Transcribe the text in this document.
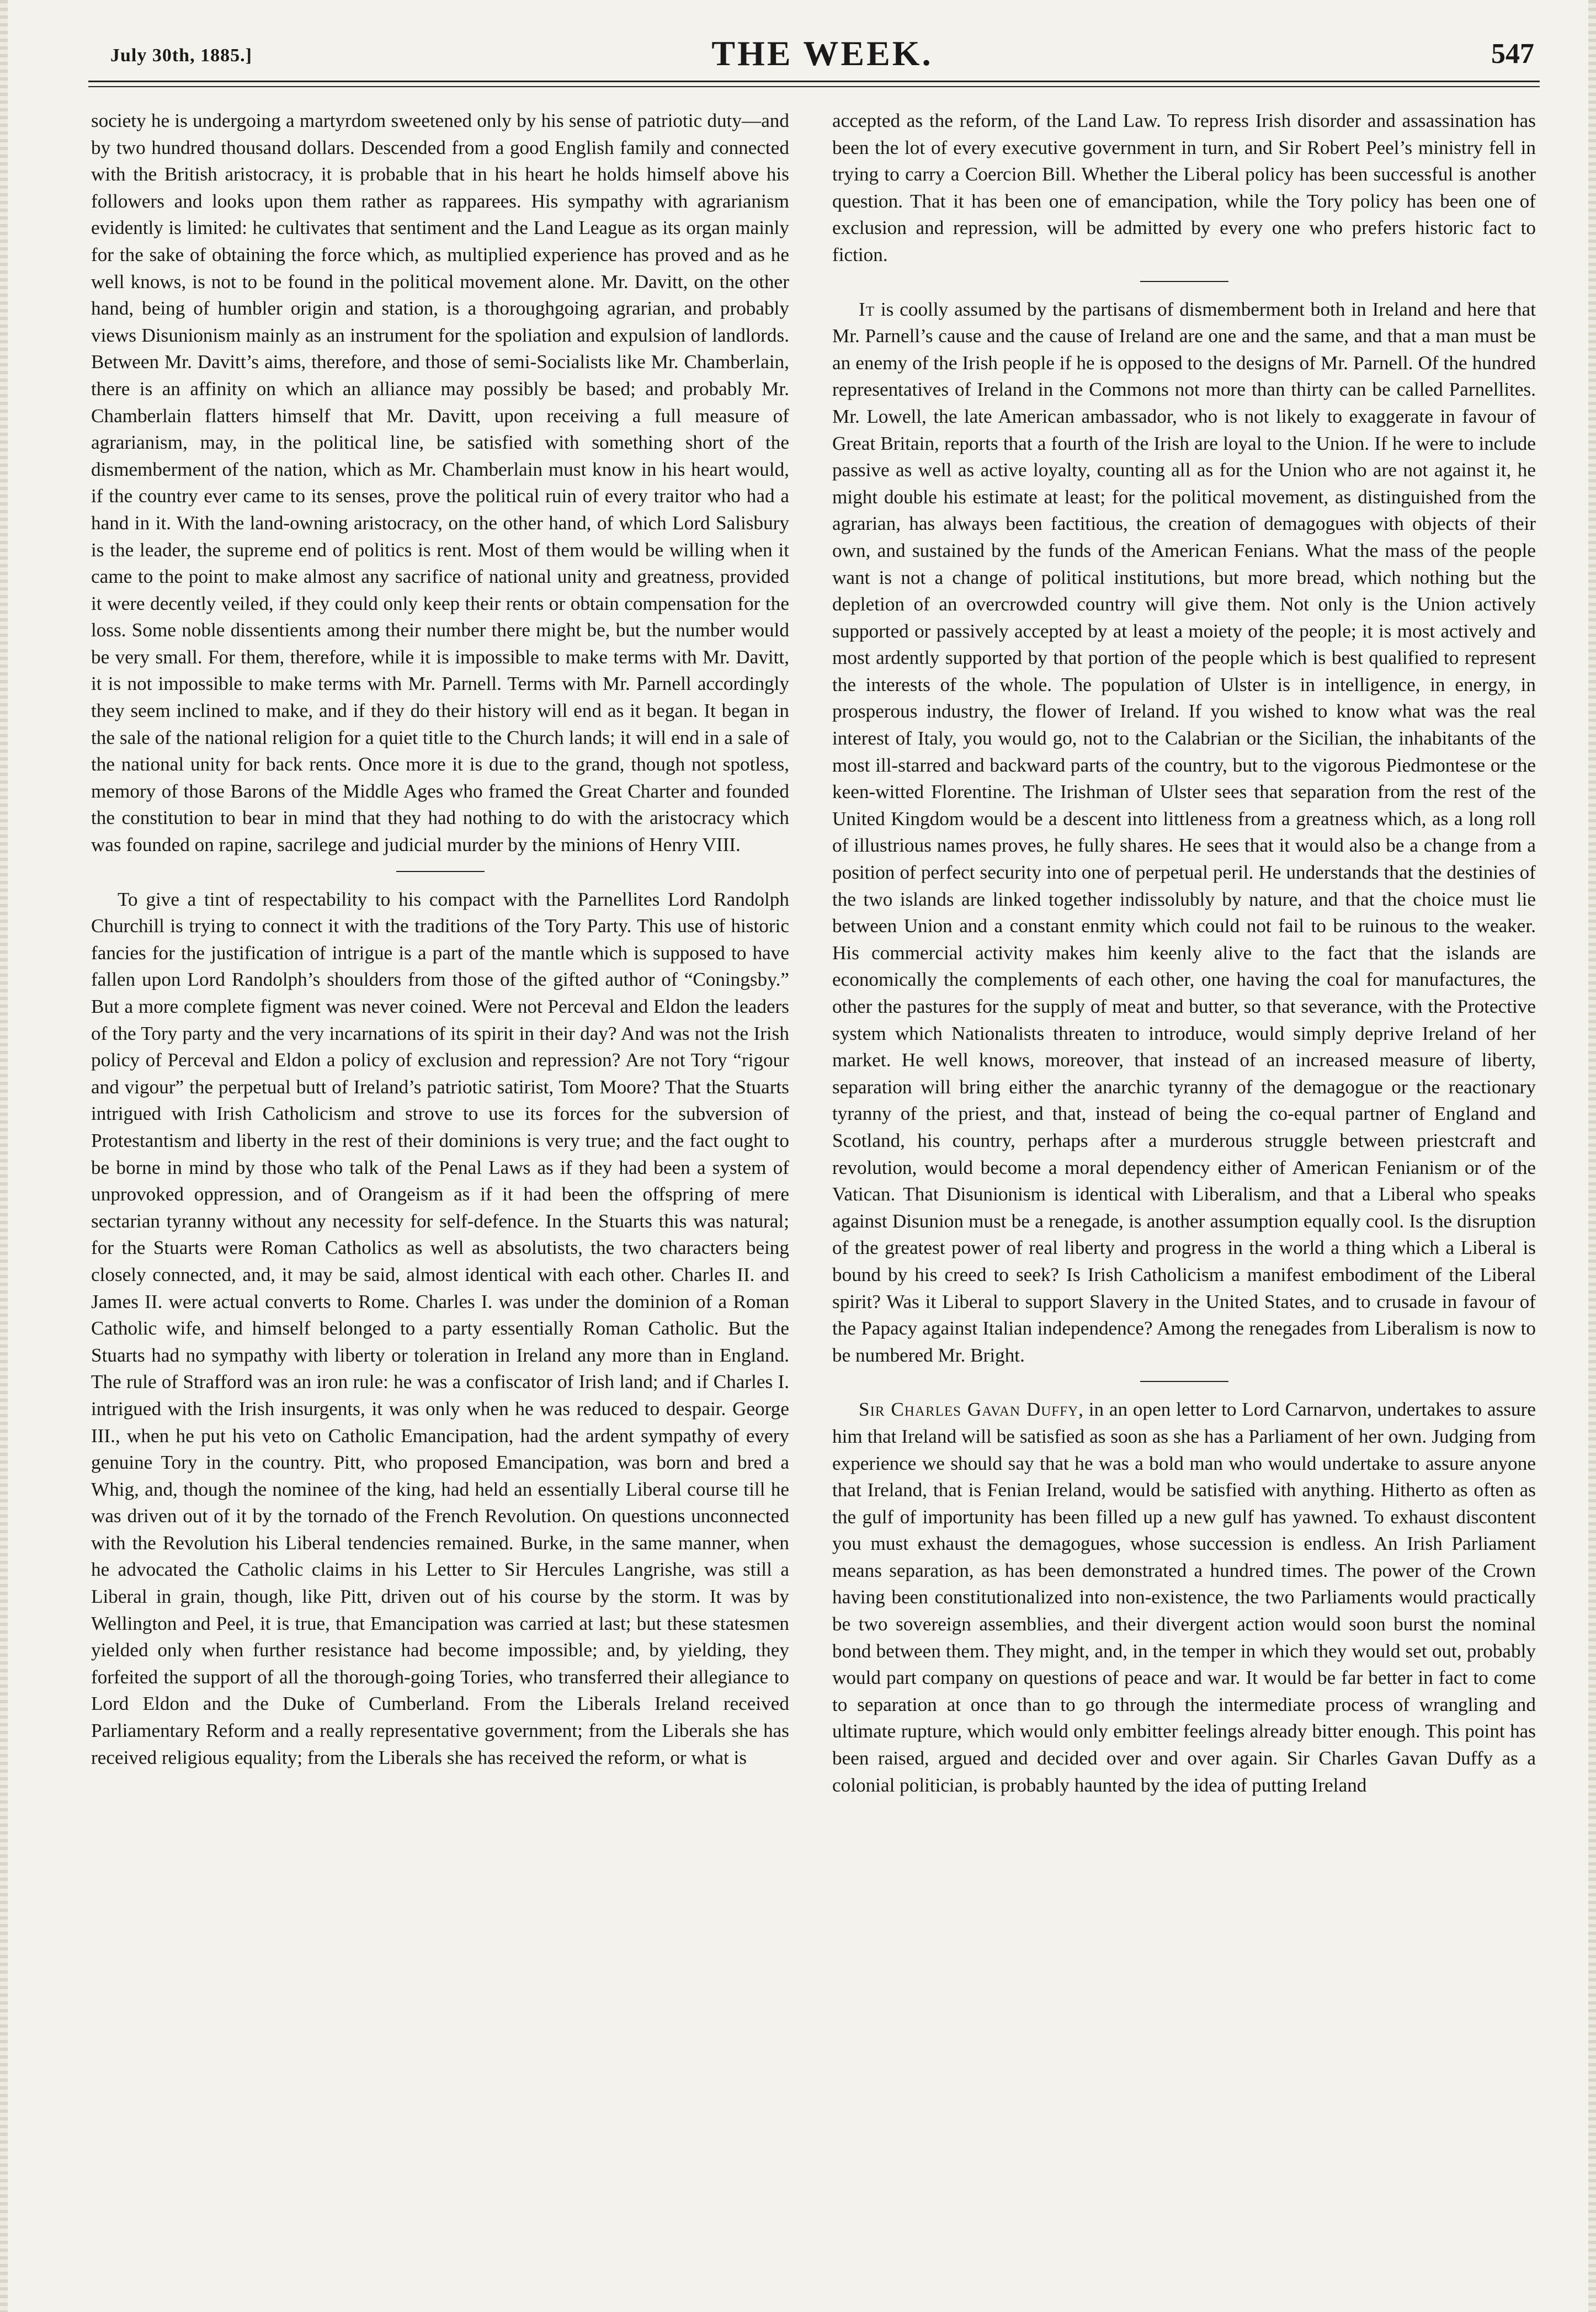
July 30th, 1885.]	THE WEEK.	547

society he is undergoing a martyrdom sweetened only by his sense of patriotic duty—and by two hundred thousand dollars. Descended from a good English family and connected with the British aristocracy, it is probable that in his heart he holds himself above his followers and looks upon them rather as rapparees. His sympathy with agrarianism evidently is limited: he cultivates that sentiment and the Land League as its organ mainly for the sake of obtaining the force which, as multiplied experience has proved and as he well knows, is not to be found in the political movement alone. Mr. Davitt, on the other hand, being of humbler origin and station, is a thoroughgoing agrarian, and probably views Disunionism mainly as an instrument for the spoliation and expulsion of landlords. Between Mr. Davitt’s aims, therefore, and those of semi-Socialists like Mr. Chamberlain, there is an affinity on which an alliance may possibly be based; and probably Mr. Chamberlain flatters himself that Mr. Davitt, upon receiving a full measure of agrarianism, may, in the political line, be satisfied with something short of the dismemberment of the nation, which as Mr. Chamberlain must know in his heart would, if the country ever came to its senses, prove the political ruin of every traitor who had a hand in it. With the land-owning aristocracy, on the other hand, of which Lord Salisbury is the leader, the supreme end of politics is rent. Most of them would be willing when it came to the point to make almost any sacrifice of national unity and greatness, provided it were decently veiled, if they could only keep their rents or obtain compensation for the loss. Some noble dissentients among their number there might be, but the number would be very small. For them, therefore, while it is impossible to make terms with Mr. Davitt, it is not impossible to make terms with Mr. Parnell. Terms with Mr. Parnell accordingly they seem inclined to make, and if they do their history will end as it began. It began in the sale of the national religion for a quiet title to the Church lands; it will end in a sale of the national unity for back rents. Once more it is due to the grand, though not spotless, memory of those Barons of the Middle Ages who framed the Great Charter and founded the constitution to bear in mind that they had nothing to do with the aristocracy which was founded on rapine, sacrilege and judicial murder by the minions of Henry VIII.

To give a tint of respectability to his compact with the Parnellites Lord Randolph Churchill is trying to connect it with the traditions of the Tory Party. This use of historic fancies for the justification of intrigue is a part of the mantle which is supposed to have fallen upon Lord Randolph’s shoulders from those of the gifted author of “Coningsby.” But a more complete figment was never coined. Were not Perceval and Eldon the leaders of the Tory party and the very incarnations of its spirit in their day? And was not the Irish policy of Perceval and Eldon a policy of exclusion and repression? Are not Tory “rigour and vigour” the perpetual butt of Ireland’s patriotic satirist, Tom Moore? That the Stuarts intrigued with Irish Catholicism and strove to use its forces for the subversion of Protestantism and liberty in the rest of their dominions is very true; and the fact ought to be borne in mind by those who talk of the Penal Laws as if they had been a system of unprovoked oppression, and of Orangeism as if it had been the offspring of mere sectarian tyranny without any necessity for self-defence. In the Stuarts this was natural; for the Stuarts were Roman Catholics as well as absolutists, the two characters being closely connected, and, it may be said, almost identical with each other. Charles II. and James II. were actual converts to Rome. Charles I. was under the dominion of a Roman Catholic wife, and himself belonged to a party essentially Roman Catholic. But the Stuarts had no sympathy with liberty or toleration in Ireland any more than in England. The rule of Strafford was an iron rule: he was a confiscator of Irish land; and if Charles I. intrigued with the Irish insurgents, it was only when he was reduced to despair. George III., when he put his veto on Catholic Emancipation, had the ardent sympathy of every genuine Tory in the country. Pitt, who proposed Emancipation, was born and bred a Whig, and, though the nominee of the king, had held an essentially Liberal course till he was driven out of it by the tornado of the French Revolution. On questions unconnected with the Revolution his Liberal tendencies remained. Burke, in the same manner, when he advocated the Catholic claims in his Letter to Sir Hercules Langrishe, was still a Liberal in grain, though, like Pitt, driven out of his course by the storm. It was by Wellington and Peel, it is true, that Emancipation was carried at last; but these statesmen yielded only when further resistance had become impossible; and, by yielding, they forfeited the support of all the thorough-going Tories, who transferred their allegiance to Lord Eldon and the Duke of Cumberland. From the Liberals Ireland received Parliamentary Reform and a really representative government; from the Liberals she has received religious equality; from the Liberals she has received the reform, or what is

accepted as the reform, of the Land Law. To repress Irish disorder and assassination has been the lot of every executive government in turn, and Sir Robert Peel’s ministry fell in trying to carry a Coercion Bill. Whether the Liberal policy has been successful is another question. That it has been one of emancipation, while the Tory policy has been one of exclusion and repression, will be admitted by every one who prefers historic fact to fiction.

It is coolly assumed by the partisans of dismemberment both in Ireland and here that Mr. Parnell’s cause and the cause of Ireland are one and the same, and that a man must be an enemy of the Irish people if he is opposed to the designs of Mr. Parnell. Of the hundred representatives of Ireland in the Commons not more than thirty can be called Parnellites. Mr. Lowell, the late American ambassador, who is not likely to exaggerate in favour of Great Britain, reports that a fourth of the Irish are loyal to the Union. If he were to include passive as well as active loyalty, counting all as for the Union who are not against it, he might double his estimate at least; for the political movement, as distinguished from the agrarian, has always been factitious, the creation of demagogues with objects of their own, and sustained by the funds of the American Fenians. What the mass of the people want is not a change of political institutions, but more bread, which nothing but the depletion of an overcrowded country will give them. Not only is the Union actively supported or passively accepted by at least a moiety of the people; it is most actively and most ardently supported by that portion of the people which is best qualified to represent the interests of the whole. The population of Ulster is in intelligence, in energy, in prosperous industry, the flower of Ireland. If you wished to know what was the real interest of Italy, you would go, not to the Calabrian or the Sicilian, the inhabitants of the most ill-starred and backward parts of the country, but to the vigorous Piedmontese or the keen-witted Florentine. The Irishman of Ulster sees that separation from the rest of the United Kingdom would be a descent into littleness from a greatness which, as a long roll of illustrious names proves, he fully shares. He sees that it would also be a change from a position of perfect security into one of perpetual peril. He understands that the destinies of the two islands are linked together indissolubly by nature, and that the choice must lie between Union and a constant enmity which could not fail to be ruinous to the weaker. His commercial activity makes him keenly alive to the fact that the islands are economically the complements of each other, one having the coal for manufactures, the other the pastures for the supply of meat and butter, so that severance, with the Protective system which Nationalists threaten to introduce, would simply deprive Ireland of her market. He well knows, moreover, that instead of an increased measure of liberty, separation will bring either the anarchic tyranny of the demagogue or the reactionary tyranny of the priest, and that, instead of being the co-equal partner of England and Scotland, his country, perhaps after a murderous struggle between priestcraft and revolution, would become a moral dependency either of American Fenianism or of the Vatican. That Disunionism is identical with Liberalism, and that a Liberal who speaks against Disunion must be a renegade, is another assumption equally cool. Is the disruption of the greatest power of real liberty and progress in the world a thing which a Liberal is bound by his creed to seek? Is Irish Catholicism a manifest embodiment of the Liberal spirit? Was it Liberal to support Slavery in the United States, and to crusade in favour of the Papacy against Italian independence? Among the renegades from Liberalism is now to be numbered Mr. Bright.

Sir Charles Gavan Duffy, in an open letter to Lord Carnarvon, undertakes to assure him that Ireland will be satisfied as soon as she has a Parliament of her own. Judging from experience we should say that he was a bold man who would undertake to assure anyone that Ireland, that is Fenian Ireland, would be satisfied with anything. Hitherto as often as the gulf of importunity has been filled up a new gulf has yawned. To exhaust discontent you must exhaust the demagogues, whose succession is endless. An Irish Parliament means separation, as has been demonstrated a hundred times. The power of the Crown having been constitutionalized into non-existence, the two Parliaments would practically be two sovereign assemblies, and their divergent action would soon burst the nominal bond between them. They might, and, in the temper in which they would set out, probably would part company on questions of peace and war. It would be far better in fact to come to separation at once than to go through the intermediate process of wrangling and ultimate rupture, which would only embitter feelings already bitter enough. This point has been raised, argued and decided over and over again. Sir Charles Gavan Duffy as a colonial politician, is probably haunted by the idea of putting Ireland
